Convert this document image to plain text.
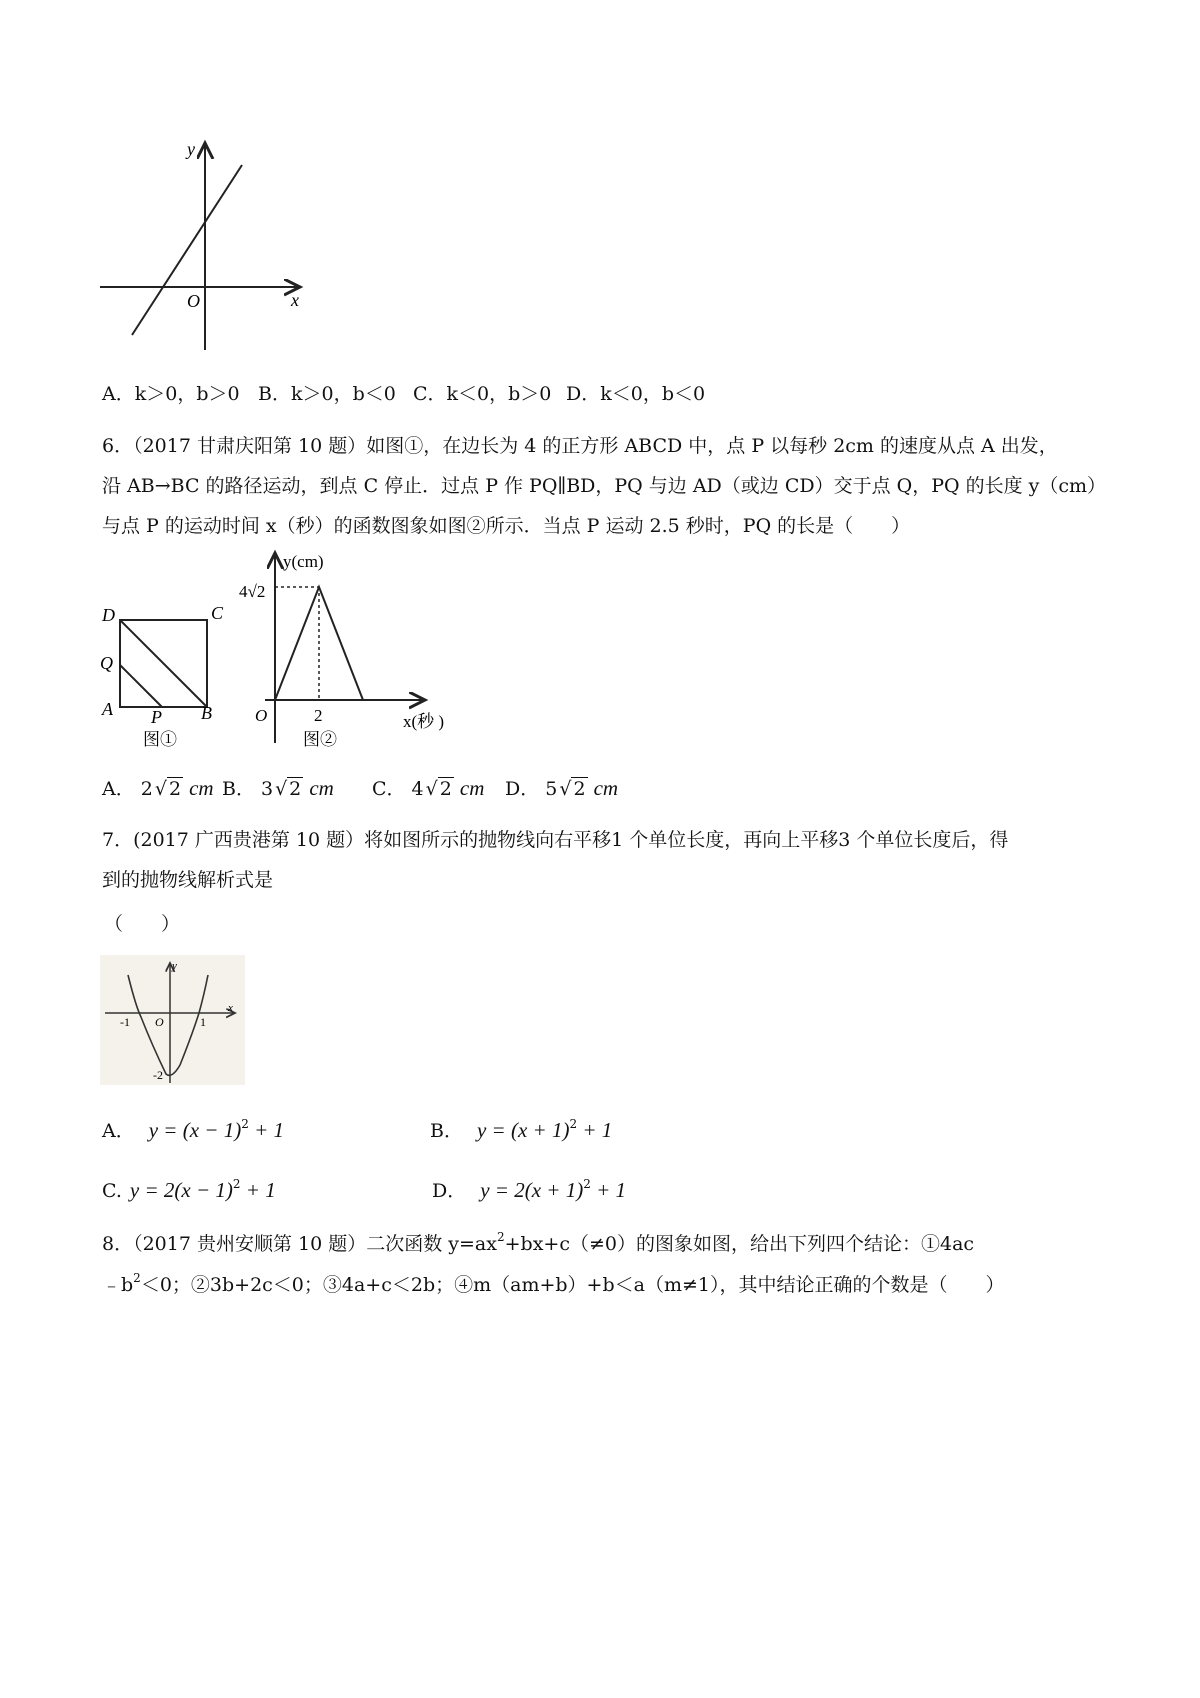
y
x
O
A．k＞0，b＞0 B．k＞0，b＜0 C．k＜0，b＞0 D．k＜0，b＜0
6．（2017 甘肃庆阳第 10 题）如图①，在边长为 4 的正方形 ABCD 中，点 P 以每秒 2cm 的速度从点 A 出发，
沿 AB→BC 的路径运动，到点 C 停止．过点 P 作 PQ∥BD，PQ 与边 AD（或边 CD）交于点 Q，PQ 的长度 y（cm）
与点 P 的运动时间 x（秒）的函数图象如图②所示．当点 P 运动 2.5 秒时，PQ 的长是（　　）
D	C
Q
A P B
图①
y(cm)
4√2
O	2	x(秒 )
图②
A． 2 √ 2 cm B． 3 √ 2 cm C． 4 √ 2 cm D． 5 √ 2 cm
7．(2017 广西贵港第 10 题）将如图所示的抛物线向右平移1 个单位长度，再向上平移3 个单位长度后，得
到的抛物线解析式是
（　　）
y
x
O
-1	1
-2
A． $y = (x - 1)^2 + 1$	B． $y = (x + 1)^2 + 1$
C. $y = 2(x - 1)^2 + 1$	D． $y = 2(x + 1)^2 + 1$
8．（2017 贵州安顺第 10 题）二次函数 $y=ax^2+bx+c(\ne 0)$的图象如图，给出下列四个结论：①4ac
$﹣b^2<0$；②3b+2c＜0；③4a+c＜2b；④m（am+b）+b＜a（m≠1），其中结论正确的个数是（　　）
